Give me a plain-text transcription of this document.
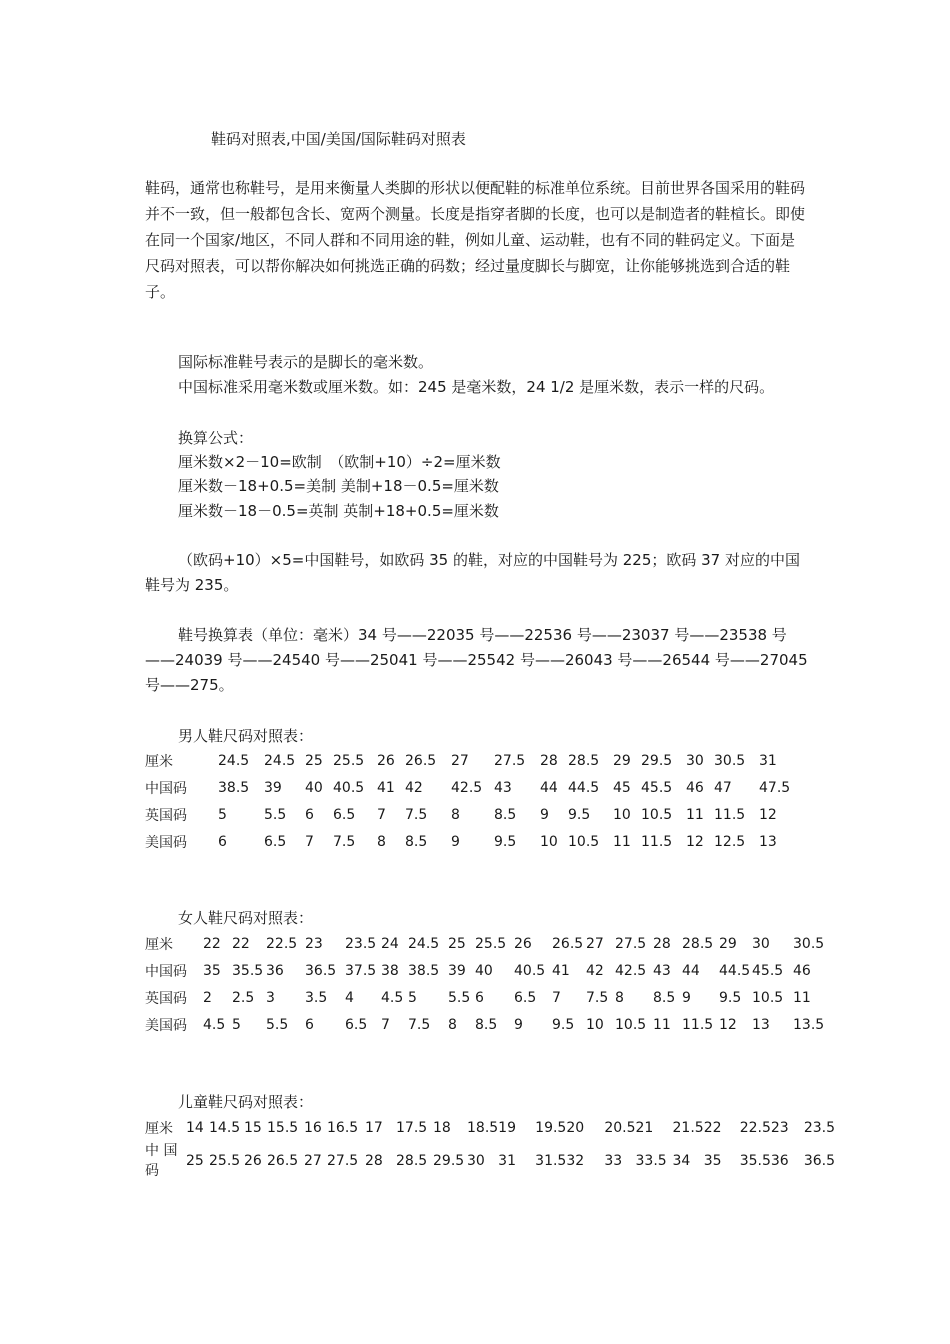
鞋码对照表,中国/美国/国际鞋码对照表
鞋码，通常也称鞋号，是用来衡量人类脚的形状以便配鞋的标准单位系统。目前世界各国采用的鞋码并不一致，但一般都包含长、宽两个测量。长度是指穿者脚的长度，也可以是制造者的鞋楦长。即使在同一个国家/地区，不同人群和不同用途的鞋，例如儿童、运动鞋，也有不同的鞋码定义。下面是尺码对照表，可以帮你解决如何挑选正确的码数；经过量度脚长与脚宽，让你能够挑选到合适的鞋子。
国际标准鞋号表示的是脚长的毫米数。
中国标准采用毫米数或厘米数。如：245 是毫米数，24 1/2 是厘米数，表示一样的尺码。
换算公式：
厘米数×2－10=欧制　（欧制+10）÷2=厘米数
厘米数－18+0.5=美制 美制+18－0.5=厘米数
厘米数－18－0.5=英制 英制+18+0.5=厘米数
（欧码+10）×5=中国鞋号，如欧码 35 的鞋，对应的中国鞋号为 225；欧码 37 对应的中国鞋号为 235。
鞋号换算表（单位：毫米）34 号——22035 号——22536 号——23037 号——23538 号——24039 号——24540 号——25041 号——25542 号——26043 号——26544 号——27045 号——275。
男人鞋尺码对照表：
厘米	24.5	24.5	25	25.5	26	26.5	27	27.5	28	28.5	29	29.5	30	30.5	31
中国码	38.5	39	40	40.5	41	42	42.5	43	44	44.5	45	45.5	46	47	47.5
英国码	5	5.5	6	6.5	7	7.5	8	8.5	9	9.5	10	10.5	11	11.5	12
美国码	6	6.5	7	7.5	8	8.5	9	9.5	10	10.5	11	11.5	12	12.5	13
女人鞋尺码对照表：
厘米	22	22	22.5	23	23.5	24	24.5	25	25.5	26	26.5	27	27.5	28	28.5	29	30	30.5
中国码	35	35.5	36	36.5	37.5	38	38.5	39	40	40.5	41	42	42.5	43	44	44.5	45.5	46
英国码	2	2.5	3	3.5	4	4.5	5	5.5	6	6.5	7	7.5	8	8.5	9	9.5	10.5	11
美国码	4.5	5	5.5	6	6.5	7	7.5	8	8.5	9	9.5	10	10.5	11	11.5	12	13	13.5
儿童鞋尺码对照表：
厘米	14	14.5	15	15.5	16	16.5	17	17.5	18	18.5	19	19.5	20	20.5	21	21.5	22	22.5	23	23.5
中 国 码	25	25.5	26	26.5	27	27.5	28	28.5	29.5	30	31	31.5	32	33	33.5	34	35	35.5	36	36.5
